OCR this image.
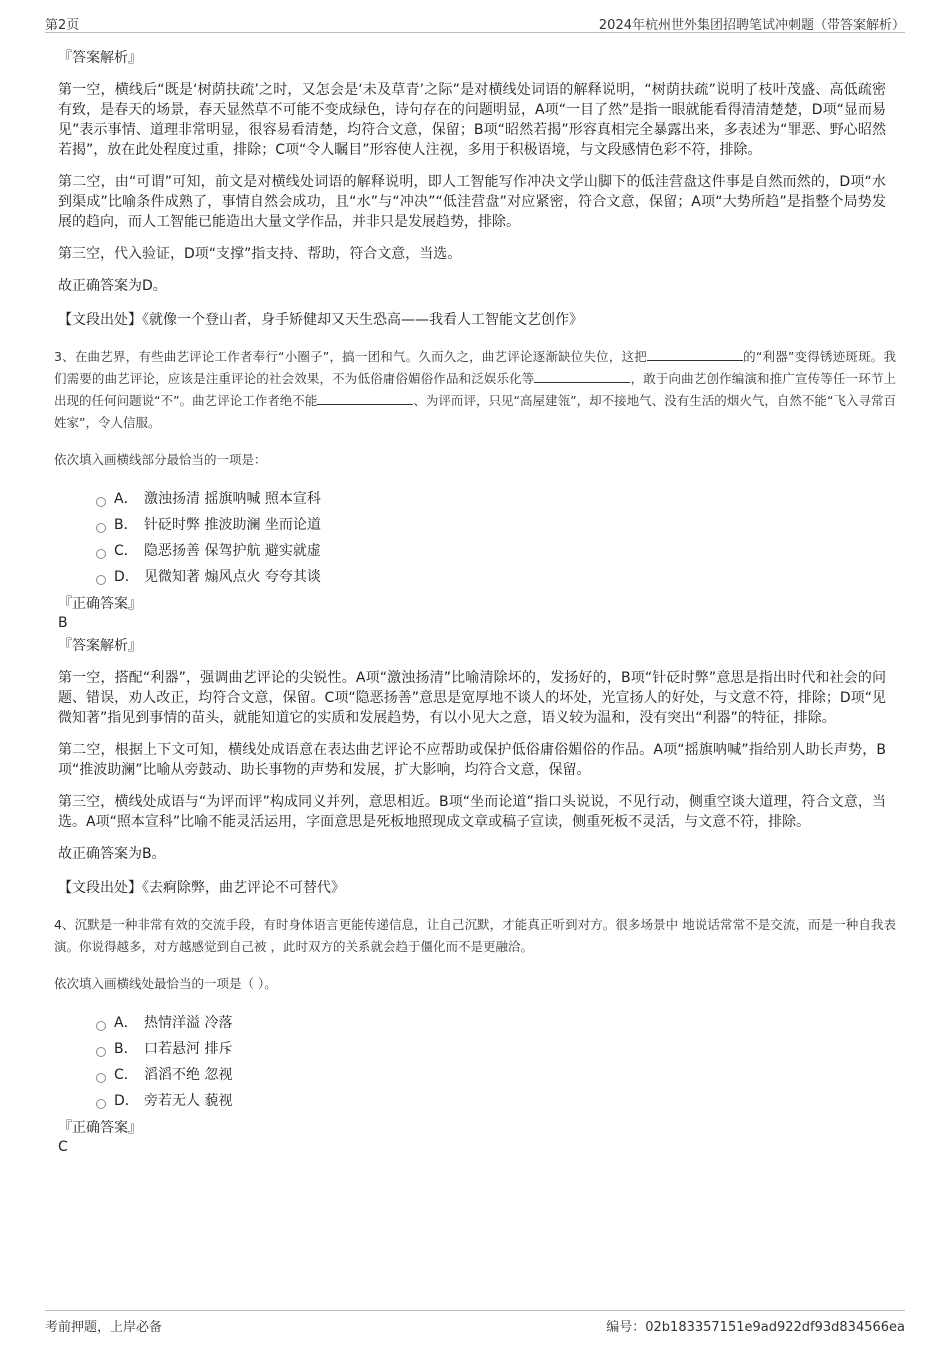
第2页	2024年杭州世外集团招聘笔试冲刺题（带答案解析）
『答案解析』

第一空，横线后“既是‘树荫扶疏’之时，又怎会是‘未及草青’之际”是对横线处词语的解释说明，“树荫扶疏”说明了枝叶茂盛、高低疏密有致，是春天的场景，春天显然草不可能不变成绿色，诗句存在的问题明显，A项“一目了然”是指一眼就能看得清清楚楚，D项“显而易见”表示事情、道理非常明显，很容易看清楚，均符合文意，保留；B项“昭然若揭”形容真相完全暴露出来，多表述为“罪恶、野心昭然若揭”，放在此处程度过重，排除；C项“令人瞩目”形容使人注视，多用于积极语境，与文段感情色彩不符，排除。

第二空，由“可谓”可知，前文是对横线处词语的解释说明，即人工智能写作冲决文学山脚下的低洼营盘这件事是自然而然的，D项“水到渠成”比喻条件成熟了，事情自然会成功，且“水”与“冲决”“低洼营盘”对应紧密，符合文意，保留；A项“大势所趋”是指整个局势发展的趋向，而人工智能已能造出大量文学作品，并非只是发展趋势，排除。

第三空，代入验证，D项“支撑”指支持、帮助，符合文意，当选。

故正确答案为D。

【文段出处】《就像一个登山者，身手矫健却又天生恐高——我看人工智能文艺创作》

3、在曲艺界，有些曲艺评论工作者奉行“小圈子”，搞一团和气。久而久之，曲艺评论逐渐缺位失位，这把	的“利器”变得锈迹斑斑。我们需要的曲艺评论，应该是注重评论的社会效果，不为低俗庸俗媚俗作品和泛娱乐化等	，敢于向曲艺创作编演和推广宣传等任一环节上出现的任何问题说“不”。曲艺评论工作者绝不能	、为评而评，只见“高屋建瓴”，却不接地气、没有生活的烟火气，自然不能“飞入寻常百姓家”，令人信服。

依次填入画横线部分最恰当的一项是：

A． 激浊扬清 摇旗呐喊 照本宣科
B． 针砭时弊 推波助澜 坐而论道
C． 隐恶扬善 保驾护航 避实就虚
D． 见微知著 煽风点火 夸夸其谈
『正确答案』
B
『答案解析』

第一空，搭配“利器”，强调曲艺评论的尖锐性。A项“激浊扬清”比喻清除坏的，发扬好的，B项“针砭时弊”意思是指出时代和社会的问题、错误，劝人改正，均符合文意，保留。C项“隐恶扬善”意思是宽厚地不谈人的坏处，光宣扬人的好处，与文意不符，排除；D项“见微知著”指见到事情的苗头，就能知道它的实质和发展趋势，有以小见大之意，语义较为温和，没有突出“利器”的特征，排除。

第二空，根据上下文可知，横线处成语意在表达曲艺评论不应帮助或保护低俗庸俗媚俗的作品。A项“摇旗呐喊”指给别人助长声势，B项“推波助澜”比喻从旁鼓动、助长事物的声势和发展，扩大影响，均符合文意，保留。

第三空，横线处成语与“为评而评”构成同义并列，意思相近。B项“坐而论道”指口头说说，不见行动，侧重空谈大道理，符合文意，当选。A项“照本宣科”比喻不能灵活运用，字面意思是死板地照现成文章或稿子宣读，侧重死板不灵活，与文意不符，排除。

故正确答案为B。

【文段出处】《去痾除弊，曲艺评论不可替代》

4、沉默是一种非常有效的交流手段，有时身体语言更能传递信息，让自己沉默，才能真正听到对方。很多场景中 地说话常常不是交流，而是一种自我表演。你说得越多，对方越感觉到自己被 ，此时双方的关系就会趋于僵化而不是更融洽。

依次填入画横线处最恰当的一项是（ ）。

A． 热情洋溢 冷落
B． 口若悬河 排斥
C． 滔滔不绝 忽视
D． 旁若无人 藐视
『正确答案』
C
考前押题，上岸必备	编号：02b183357151e9ad922df93d834566ea
